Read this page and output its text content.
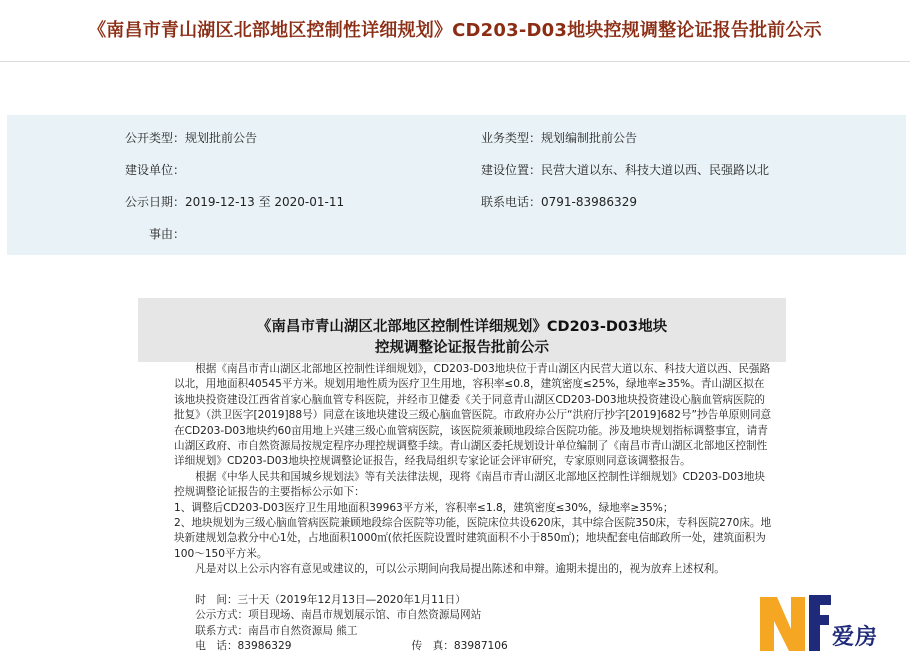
《南昌市青山湖区北部地区控制性详细规划》CD203-D03地块控规调整论证报告批前公示
公开类型：规划批前公告	业务类型：规划编制批前公告
建设单位：	建设位置：民营大道以东、科技大道以西、民强路以北
公示日期：2019-12-13 至 2020-01-11	联系电话：0791-83986329
事由：
《南昌市青山湖区北部地区控制性详细规划》CD203-D03地块
控规调整论证报告批前公示

根据《南昌市青山湖区北部地区控制性详细规划》，CD203-D03地块位于青山湖区内民营大道以东、科技大道以西、民强路以北，用地面积40545平方米。规划用地性质为医疗卫生用地，容积率≤0.8，建筑密度≤25%，绿地率≥35%。青山湖区拟在该地块投资建设江西省首家心脑血管专科医院，并经市卫健委《关于同意青山湖区CD203-D03地块投资建设心脑血管病医院的批复》（洪卫医字[2019]88号）同意在该地块建设三级心脑血管医院。市政府办公厅“洪府厅抄字[2019]682号”抄告单原则同意在CD203-D03地块约60亩用地上兴建三级心血管病医院，该医院须兼顾地段综合医院功能。涉及地块规划指标调整事宜，请青山湖区政府、市自然资源局按规定程序办理控规调整手续。青山湖区委托规划设计单位编制了《南昌市青山湖区北部地区控制性详细规划》CD203-D03地块控规调整论证报告，经我局组织专家论证会评审研究，专家原则同意该调整报告。

根据《中华人民共和国城乡规划法》等有关法律法规，现将《南昌市青山湖区北部地区控制性详细规划》CD203-D03地块控规调整论证报告的主要指标公示如下：

1、调整后CD203-D03医疗卫生用地面积39963平方米，容积率≤1.8，建筑密度≤30%，绿地率≥35%；

2、地块规划为三级心脑血管病医院兼顾地段综合医院等功能，医院床位共设620床，其中综合医院350床，专科医院270床。地块新建规划急救分中心1处，占地面积1000㎡(依托医院设置时建筑面积不小于850㎡)；地块配套电信邮政所一处，建筑面积为100～150平方米。

凡是对以上公示内容有意见或建议的，可以公示期间向我局提出陈述和申辩。逾期未提出的，视为放弃上述权利。

时　间：三十天（2019年12月13日—2020年1月11日）

公示方式：项目现场、南昌市规划展示馆、市自然资源局网站

联系方式：南昌市自然资源局 熊工

电　话：83986329	传　真：83987106	爱房
